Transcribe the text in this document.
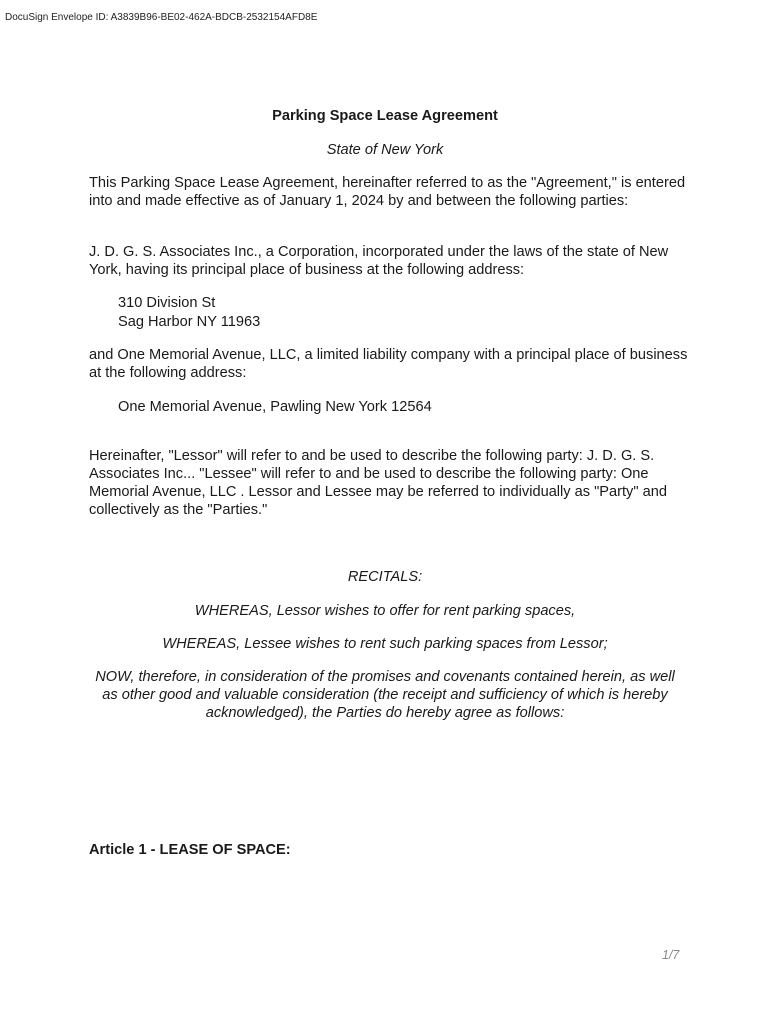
DocuSign Envelope ID: A3839B96-BE02-462A-BDCB-2532154AFD8E

Parking Space Lease Agreement

State of New York

This Parking Space Lease Agreement, hereinafter referred to as the "Agreement," is entered into and made effective as of January 1, 2024 by and between the following parties:

J. D. G. S. Associates Inc., a Corporation, incorporated under the laws of the state of New York, having its principal place of business at the following address:

310 Division St

Sag Harbor NY 11963

and One Memorial Avenue, LLC, a limited liability company with a principal place of business at the following address:

One Memorial Avenue, Pawling New York 12564

Hereinafter, "Lessor" will refer to and be used to describe the following party: J. D. G. S. Associates Inc... "Lessee" will refer to and be used to describe the following party: One Memorial Avenue, LLC . Lessor and Lessee may be referred to individually as "Party" and collectively as the "Parties."

RECITALS:

WHEREAS, Lessor wishes to offer for rent parking spaces,

WHEREAS, Lessee wishes to rent such parking spaces from Lessor;

NOW, therefore, in consideration of the promises and covenants contained herein, as well as other good and valuable consideration (the receipt and sufficiency of which is hereby acknowledged), the Parties do hereby agree as follows:

Article 1 - LEASE OF SPACE:

1/7
